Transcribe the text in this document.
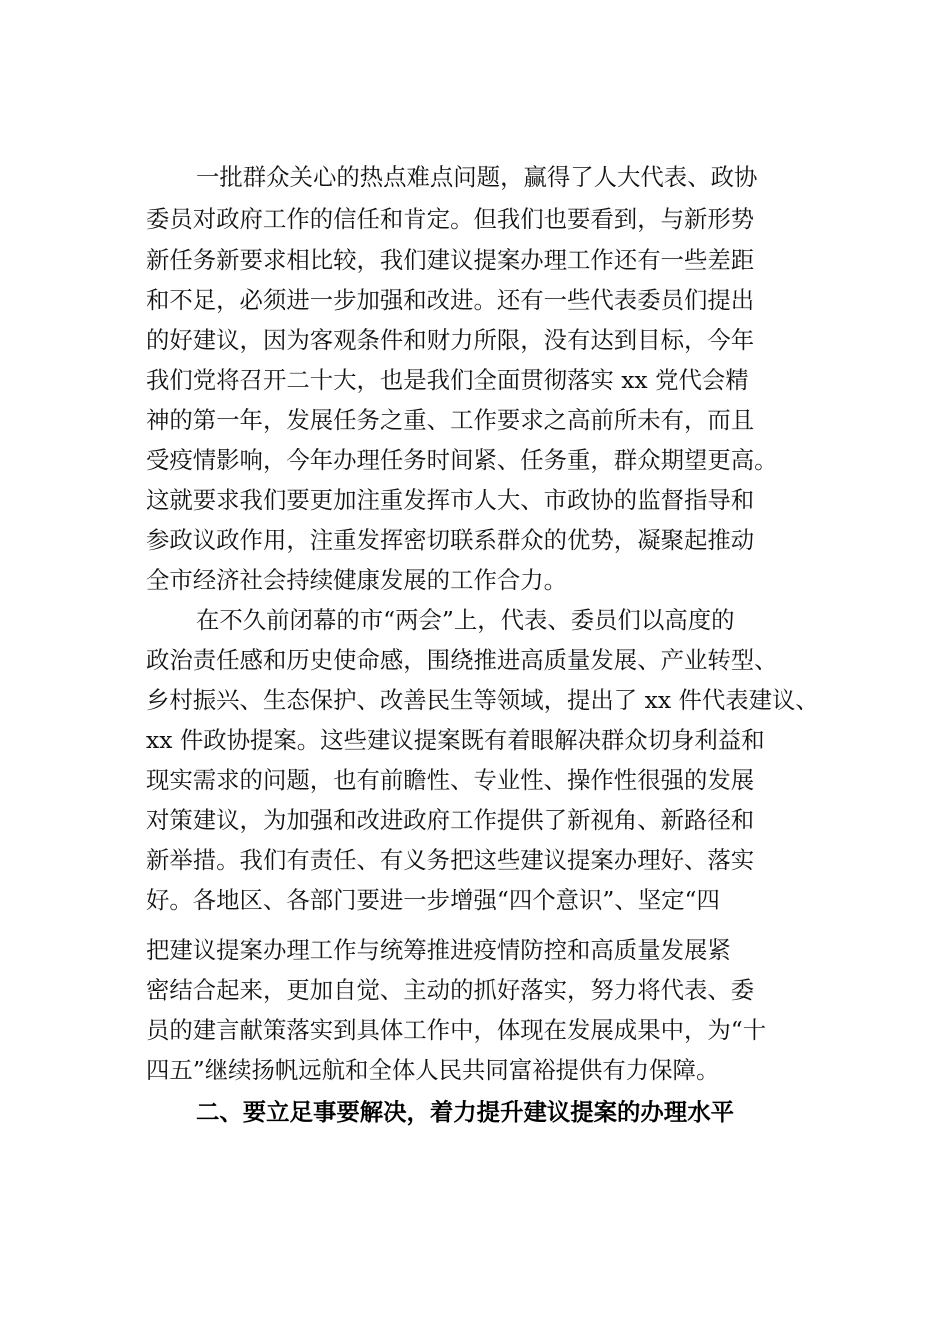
一批群众关心的热点难点问题，赢得了人大代表、政协
委员对政府工作的信任和肯定。但我们也要看到，与新形势
新任务新要求相比较，我们建议提案办理工作还有一些差距
和不足，必须进一步加强和改进。还有一些代表委员们提出
的好建议，因为客观条件和财力所限，没有达到目标，今年
我们党将召开二十大，也是我们全面贯彻落实 xx 党代会精
神的第一年，发展任务之重、工作要求之高前所未有，而且
受疫情影响，今年办理任务时间紧、任务重，群众期望更高。
这就要求我们要更加注重发挥市人大、市政协的监督指导和
参政议政作用，注重发挥密切联系群众的优势，凝聚起推动
全市经济社会持续健康发展的工作合力。
在不久前闭幕的市“两会”上，代表、委员们以高度的
政治责任感和历史使命感，围绕推进高质量发展、产业转型、
乡村振兴、生态保护、改善民生等领域，提出了 xx 件代表建议、
xx 件政协提案。这些建议提案既有着眼解决群众切身利益和
现实需求的问题，也有前瞻性、专业性、操作性很强的发展
对策建议，为加强和改进政府工作提供了新视角、新路径和
新举措。我们有责任、有义务把这些建议提案办理好、落实
好。各地区、各部门要进一步增强“四个意识”、坚定“四
把建议提案办理工作与统筹推进疫情防控和高质量发展紧
密结合起来，更加自觉、主动的抓好落实，努力将代表、委
员的建言献策落实到具体工作中，体现在发展成果中，为“十
四五”继续扬帆远航和全体人民共同富裕提供有力保障。
二、要立足事要解决，着力提升建议提案的办理水平
